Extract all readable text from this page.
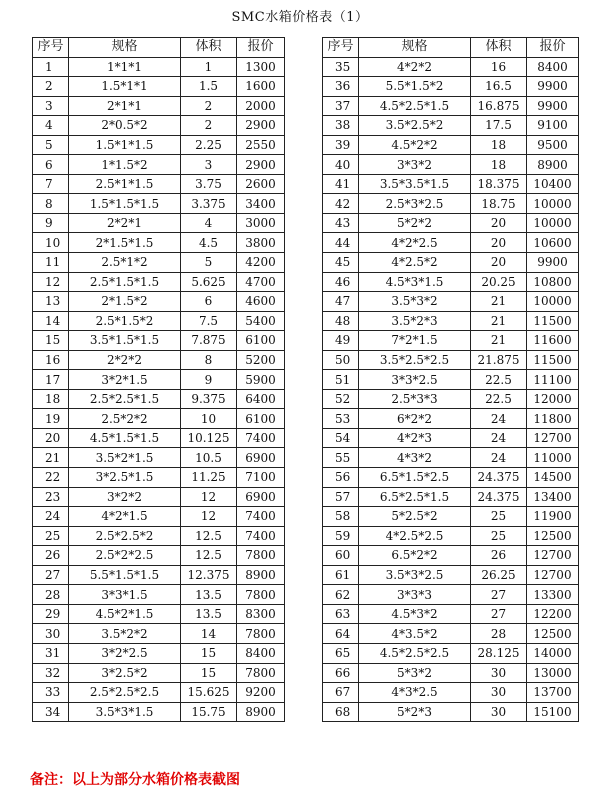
SMC水箱价格表（1）
序号	规格	体积	报价
1	1*1*1	1	1300
2	1.5*1*1	1.5	1600
3	2*1*1	2	2000
4	2*0.5*2	2	2900
5	1.5*1*1.5	2.25	2550
6	1*1.5*2	3	2900
7	2.5*1*1.5	3.75	2600
8	1.5*1.5*1.5	3.375	3400
9	2*2*1	4	3000
10	2*1.5*1.5	4.5	3800
11	2.5*1*2	5	4200
12	2.5*1.5*1.5	5.625	4700
13	2*1.5*2	6	4600
14	2.5*1.5*2	7.5	5400
15	3.5*1.5*1.5	7.875	6100
16	2*2*2	8	5200
17	3*2*1.5	9	5900
18	2.5*2.5*1.5	9.375	6400
19	2.5*2*2	10	6100
20	4.5*1.5*1.5	10.125	7400
21	3.5*2*1.5	10.5	6900
22	3*2.5*1.5	11.25	7100
23	3*2*2	12	6900
24	4*2*1.5	12	7400
25	2.5*2.5*2	12.5	7400
26	2.5*2*2.5	12.5	7800
27	5.5*1.5*1.5	12.375	8900
28	3*3*1.5	13.5	7800
29	4.5*2*1.5	13.5	8300
30	3.5*2*2	14	7800
31	3*2*2.5	15	8400
32	3*2.5*2	15	7800
33	2.5*2.5*2.5	15.625	9200
34	3.5*3*1.5	15.75	8900
序号	规格	体积	报价
35	4*2*2	16	8400
36	5.5*1.5*2	16.5	9900
37	4.5*2.5*1.5	16.875	9900
38	3.5*2.5*2	17.5	9100
39	4.5*2*2	18	9500
40	3*3*2	18	8900
41	3.5*3.5*1.5	18.375	10400
42	2.5*3*2.5	18.75	10000
43	5*2*2	20	10000
44	4*2*2.5	20	10600
45	4*2.5*2	20	9900
46	4.5*3*1.5	20.25	10800
47	3.5*3*2	21	10000
48	3.5*2*3	21	11500
49	7*2*1.5	21	11600
50	3.5*2.5*2.5	21.875	11500
51	3*3*2.5	22.5	11100
52	2.5*3*3	22.5	12000
53	6*2*2	24	11800
54	4*2*3	24	12700
55	4*3*2	24	11000
56	6.5*1.5*2.5	24.375	14500
57	6.5*2.5*1.5	24.375	13400
58	5*2.5*2	25	11900
59	4*2.5*2.5	25	12500
60	6.5*2*2	26	12700
61	3.5*3*2.5	26.25	12700
62	3*3*3	27	13300
63	4.5*3*2	27	12200
64	4*3.5*2	28	12500
65	4.5*2.5*2.5	28.125	14000
66	5*3*2	30	13000
67	4*3*2.5	30	13700
68	5*2*3	30	15100
备注：以上为部分水箱价格表截图
